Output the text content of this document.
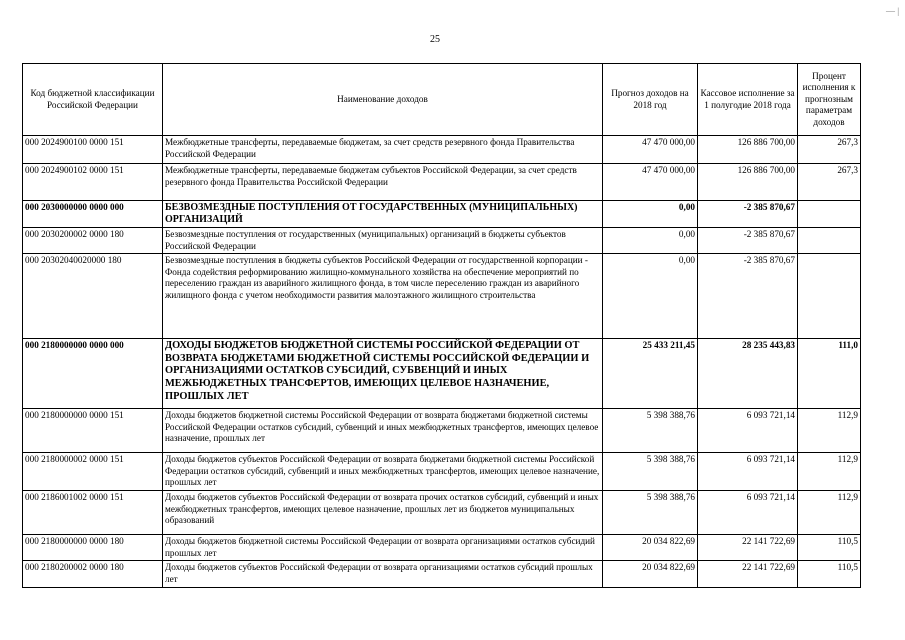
25
— |
Код бюджетной классификации Российской Федерации	Наименование доходов	Прогноз доходов на 2018 год	Кассовое исполнение за 1 полугодие 2018 года	Процент исполнения к прогнозным параметрам доходов
000 2024900100 0000 151	Межбюджетные трансферты, передаваемые бюджетам, за счет средств резервного фонда Правительства Российской Федерации	47 470 000,00	126 886 700,00	267,3
000 2024900102 0000 151	Межбюджетные трансферты, передаваемые бюджетам субъектов Российской Федерации, за счет средств резервного фонда Правительства Российской Федерации	47 470 000,00	126 886 700,00	267,3
000 2030000000 0000 000	БЕЗВОЗМЕЗДНЫЕ ПОСТУПЛЕНИЯ ОТ ГОСУДАРСТВЕННЫХ (МУНИЦИПАЛЬНЫХ) ОРГАНИЗАЦИЙ	0,00	-2 385 870,67	
000 2030200002 0000 180	Безвозмездные поступления от государственных (муниципальных) организаций в бюджеты субъектов Российской Федерации	0,00	-2 385 870,67	
000 20302040020000 180	Безвозмездные поступления в бюджеты субъектов Российской Федерации от государственной корпорации - Фонда содействия реформированию жилищно-коммунального хозяйства на обеспечение мероприятий по переселению граждан из аварийного жилищного фонда, в том числе переселению граждан из аварийного жилищного фонда с учетом необходимости развития малоэтажного жилищного строительства	0,00	-2 385 870,67	
000 2180000000 0000 000	ДОХОДЫ БЮДЖЕТОВ БЮДЖЕТНОЙ СИСТЕМЫ РОССИЙСКОЙ ФЕДЕРАЦИИ ОТ ВОЗВРАТА БЮДЖЕТАМИ БЮДЖЕТНОЙ СИСТЕМЫ РОССИЙСКОЙ ФЕДЕРАЦИИ И ОРГАНИЗАЦИЯМИ ОСТАТКОВ СУБСИДИЙ, СУБВЕНЦИЙ И ИНЫХ МЕЖБЮДЖЕТНЫХ ТРАНСФЕРТОВ, ИМЕЮЩИХ ЦЕЛЕВОЕ НАЗНАЧЕНИЕ, ПРОШЛЫХ ЛЕТ	25 433 211,45	28 235 443,83	111,0
000 2180000000 0000 151	Доходы бюджетов бюджетной системы Российской Федерации от возврата бюджетами бюджетной системы Российской Федерации остатков субсидий, субвенций и иных межбюджетных трансфертов, имеющих целевое назначение, прошлых лет	5 398 388,76	6 093 721,14	112,9
000 2180000002 0000 151	Доходы бюджетов субъектов Российской Федерации от возврата бюджетами бюджетной системы Российской Федерации остатков субсидий, субвенций и иных межбюджетных трансфертов, имеющих целевое назначение, прошлых лет	5 398 388,76	6 093 721,14	112,9
000 2186001002 0000 151	Доходы бюджетов субъектов Российской Федерации от возврата прочих остатков субсидий, субвенций и иных межбюджетных трансфертов, имеющих целевое назначение, прошлых лет из бюджетов муниципальных образований	5 398 388,76	6 093 721,14	112,9
000 2180000000 0000 180	Доходы бюджетов бюджетной системы Российской Федерации от возврата организациями остатков субсидий прошлых лет	20 034 822,69	22 141 722,69	110,5
000 2180200002 0000 180	Доходы бюджетов субъектов Российской Федерации от возврата организациями остатков субсидий прошлых лет	20 034 822,69	22 141 722,69	110,5
